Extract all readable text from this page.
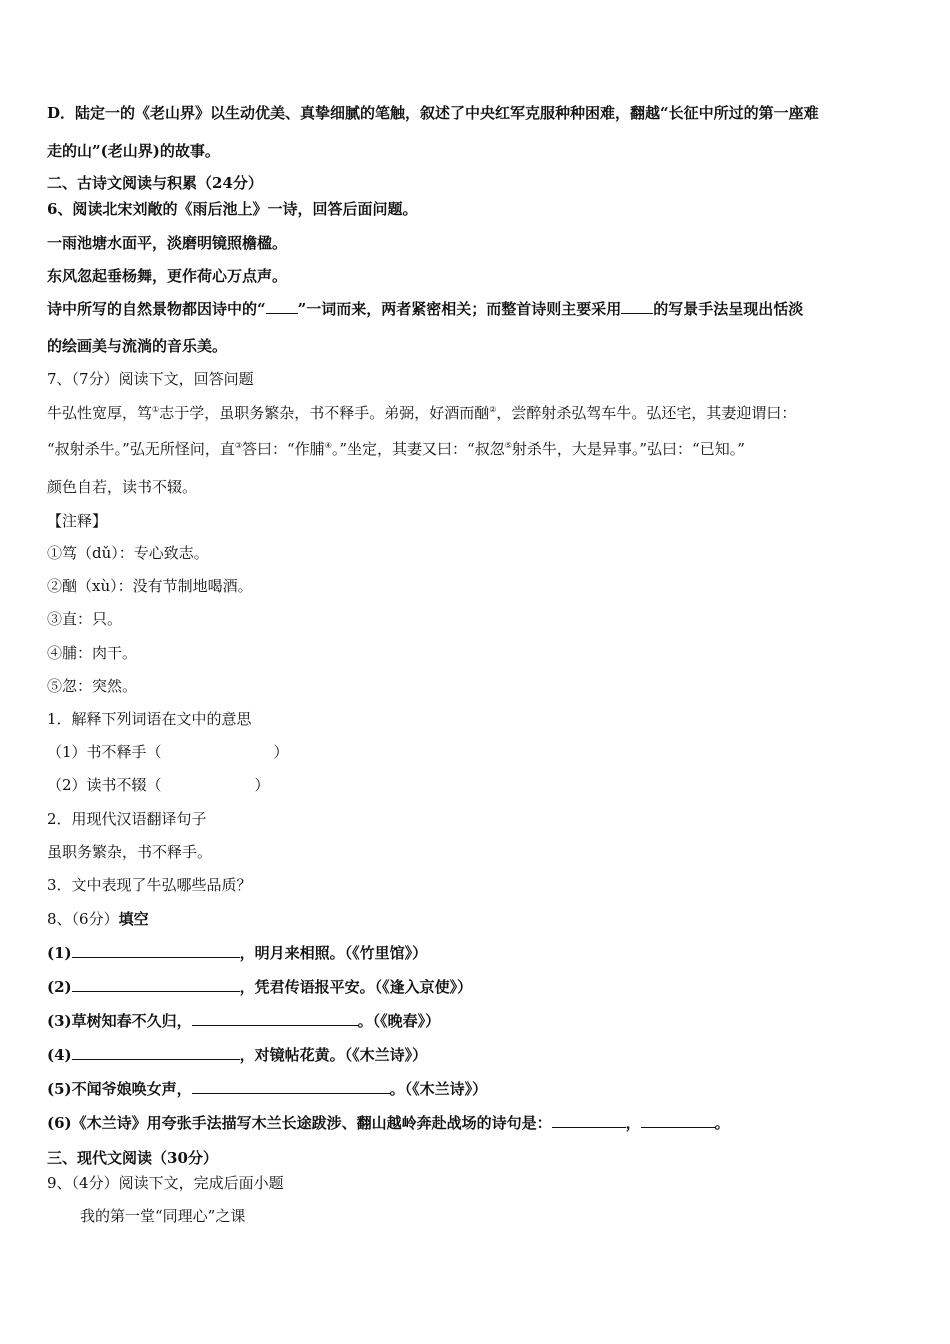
D．陆定一的《老山界》以生动优美、真挚细腻的笔触，叙述了中央红军克服种种困难，翻越“长征中所过的第一座难
走的山”(老山界)的故事。
二、古诗文阅读与积累（24分）
6、阅读北宋刘敞的《雨后池上》一诗，回答后面问题。
一雨池塘水面平，淡磨明镜照檐楹。
东风忽起垂杨舞，更作荷心万点声。
诗中所写的自然景物都因诗中的“ ”一词而来，两者紧密相关；而整首诗则主要采用 的写景手法呈现出恬淡
的绘画美与流淌的音乐美。
7、（7分）阅读下文，回答问题
牛弘性宽厚，笃①志于学，虽职务繁杂，书不释手。弟弼，好酒而酗②，尝醉射杀弘驾车牛。弘还宅，其妻迎谓曰：
“叔射杀牛。”弘无所怪问，直③答曰：“作脯④。”坐定，其妻又曰：“叔忽⑤射杀牛，大是异事。”弘曰：“已知。”
颜色自若，读书不辍。
【注释】
①笃（dǔ）：专心致志。
②酗（xù）：没有节制地喝酒。
③直：只。
④脯：肉干。
⑤忽：突然。
1．解释下列词语在文中的意思
（1）书不释手（	）
（2）读书不辍（	）
2．用现代汉语翻译句子
虽职务繁杂，书不释手。
3．文中表现了牛弘哪些品质？
8、（6分）填空
(1)	，明月来相照。（《竹里馆》）
(2)	，凭君传语报平安。（《逢入京使》）
(3)草树知春不久归，	。（《晚春》）
(4)	，对镜帖花黄。（《木兰诗》）
(5)不闻爷娘唤女声，	。（《木兰诗》）
(6)《木兰诗》用夸张手法描写木兰长途跋涉、翻山越岭奔赴战场的诗句是：	，	。
三、现代文阅读（30分）
9、（4分）阅读下文，完成后面小题
我的第一堂“同理心”之课
